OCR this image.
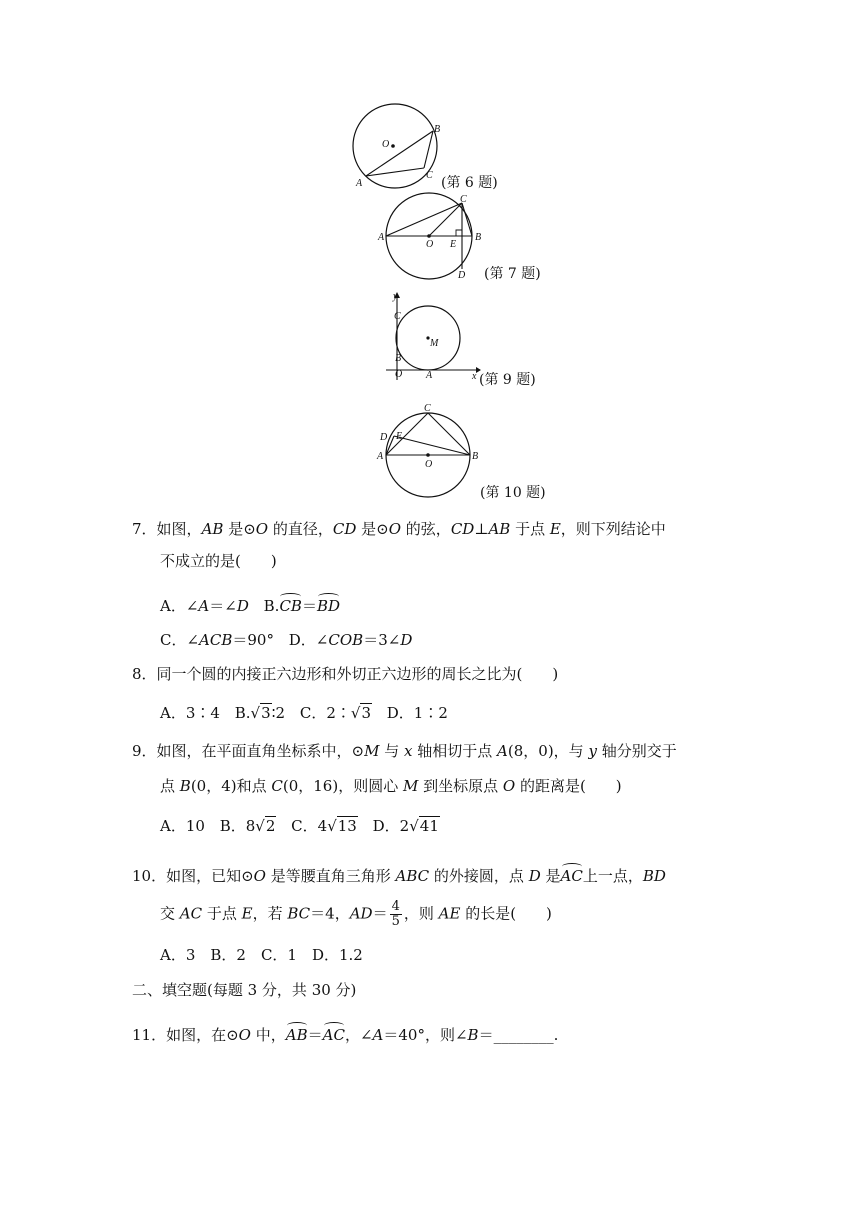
O
A
B
C (第 6 题)
A	B
C
D
O E
(第 7 题)
y
x
C
B
O A
M
(第 9 题)
C
D E
A	B
O
(第 10 题)
7．如图，AB 是⊙O 的直径，CD 是⊙O 的弦，CD⊥AB 于点 E，则下列结论中
不成立的是(　　)
A．∠A＝∠D B.CB＝BD
C．∠ACB＝90° D．∠COB＝3∠D
8．同一个圆的内接正六边形和外切正六边形的周长之比为(　　)
A．3∶4 B.√3∶2 C．2∶√3 D．1∶2
9．如图，在平面直角坐标系中，⊙M 与 x 轴相切于点 A(8，0)，与 y 轴分别交于
点 B(0，4)和点 C(0，16)，则圆心 M 到坐标原点 O 的距离是(　　)
A．10 B．8√2 C．4√13 D．2√41
10．如图，已知⊙O 是等腰直角三角形 ABC 的外接圆，点 D 是AC上一点，BD
交 AC 于点 E，若 BC＝4，$AD= \frac{4}{5}$ ，则 AE 的长是(　　)
A．3　B．2　C．1　D．1.2
二、填空题(每题 3 分，共 30 分)
11．如图，在⊙O 中，AB＝AC，∠A＝40°，则∠B＝________.
